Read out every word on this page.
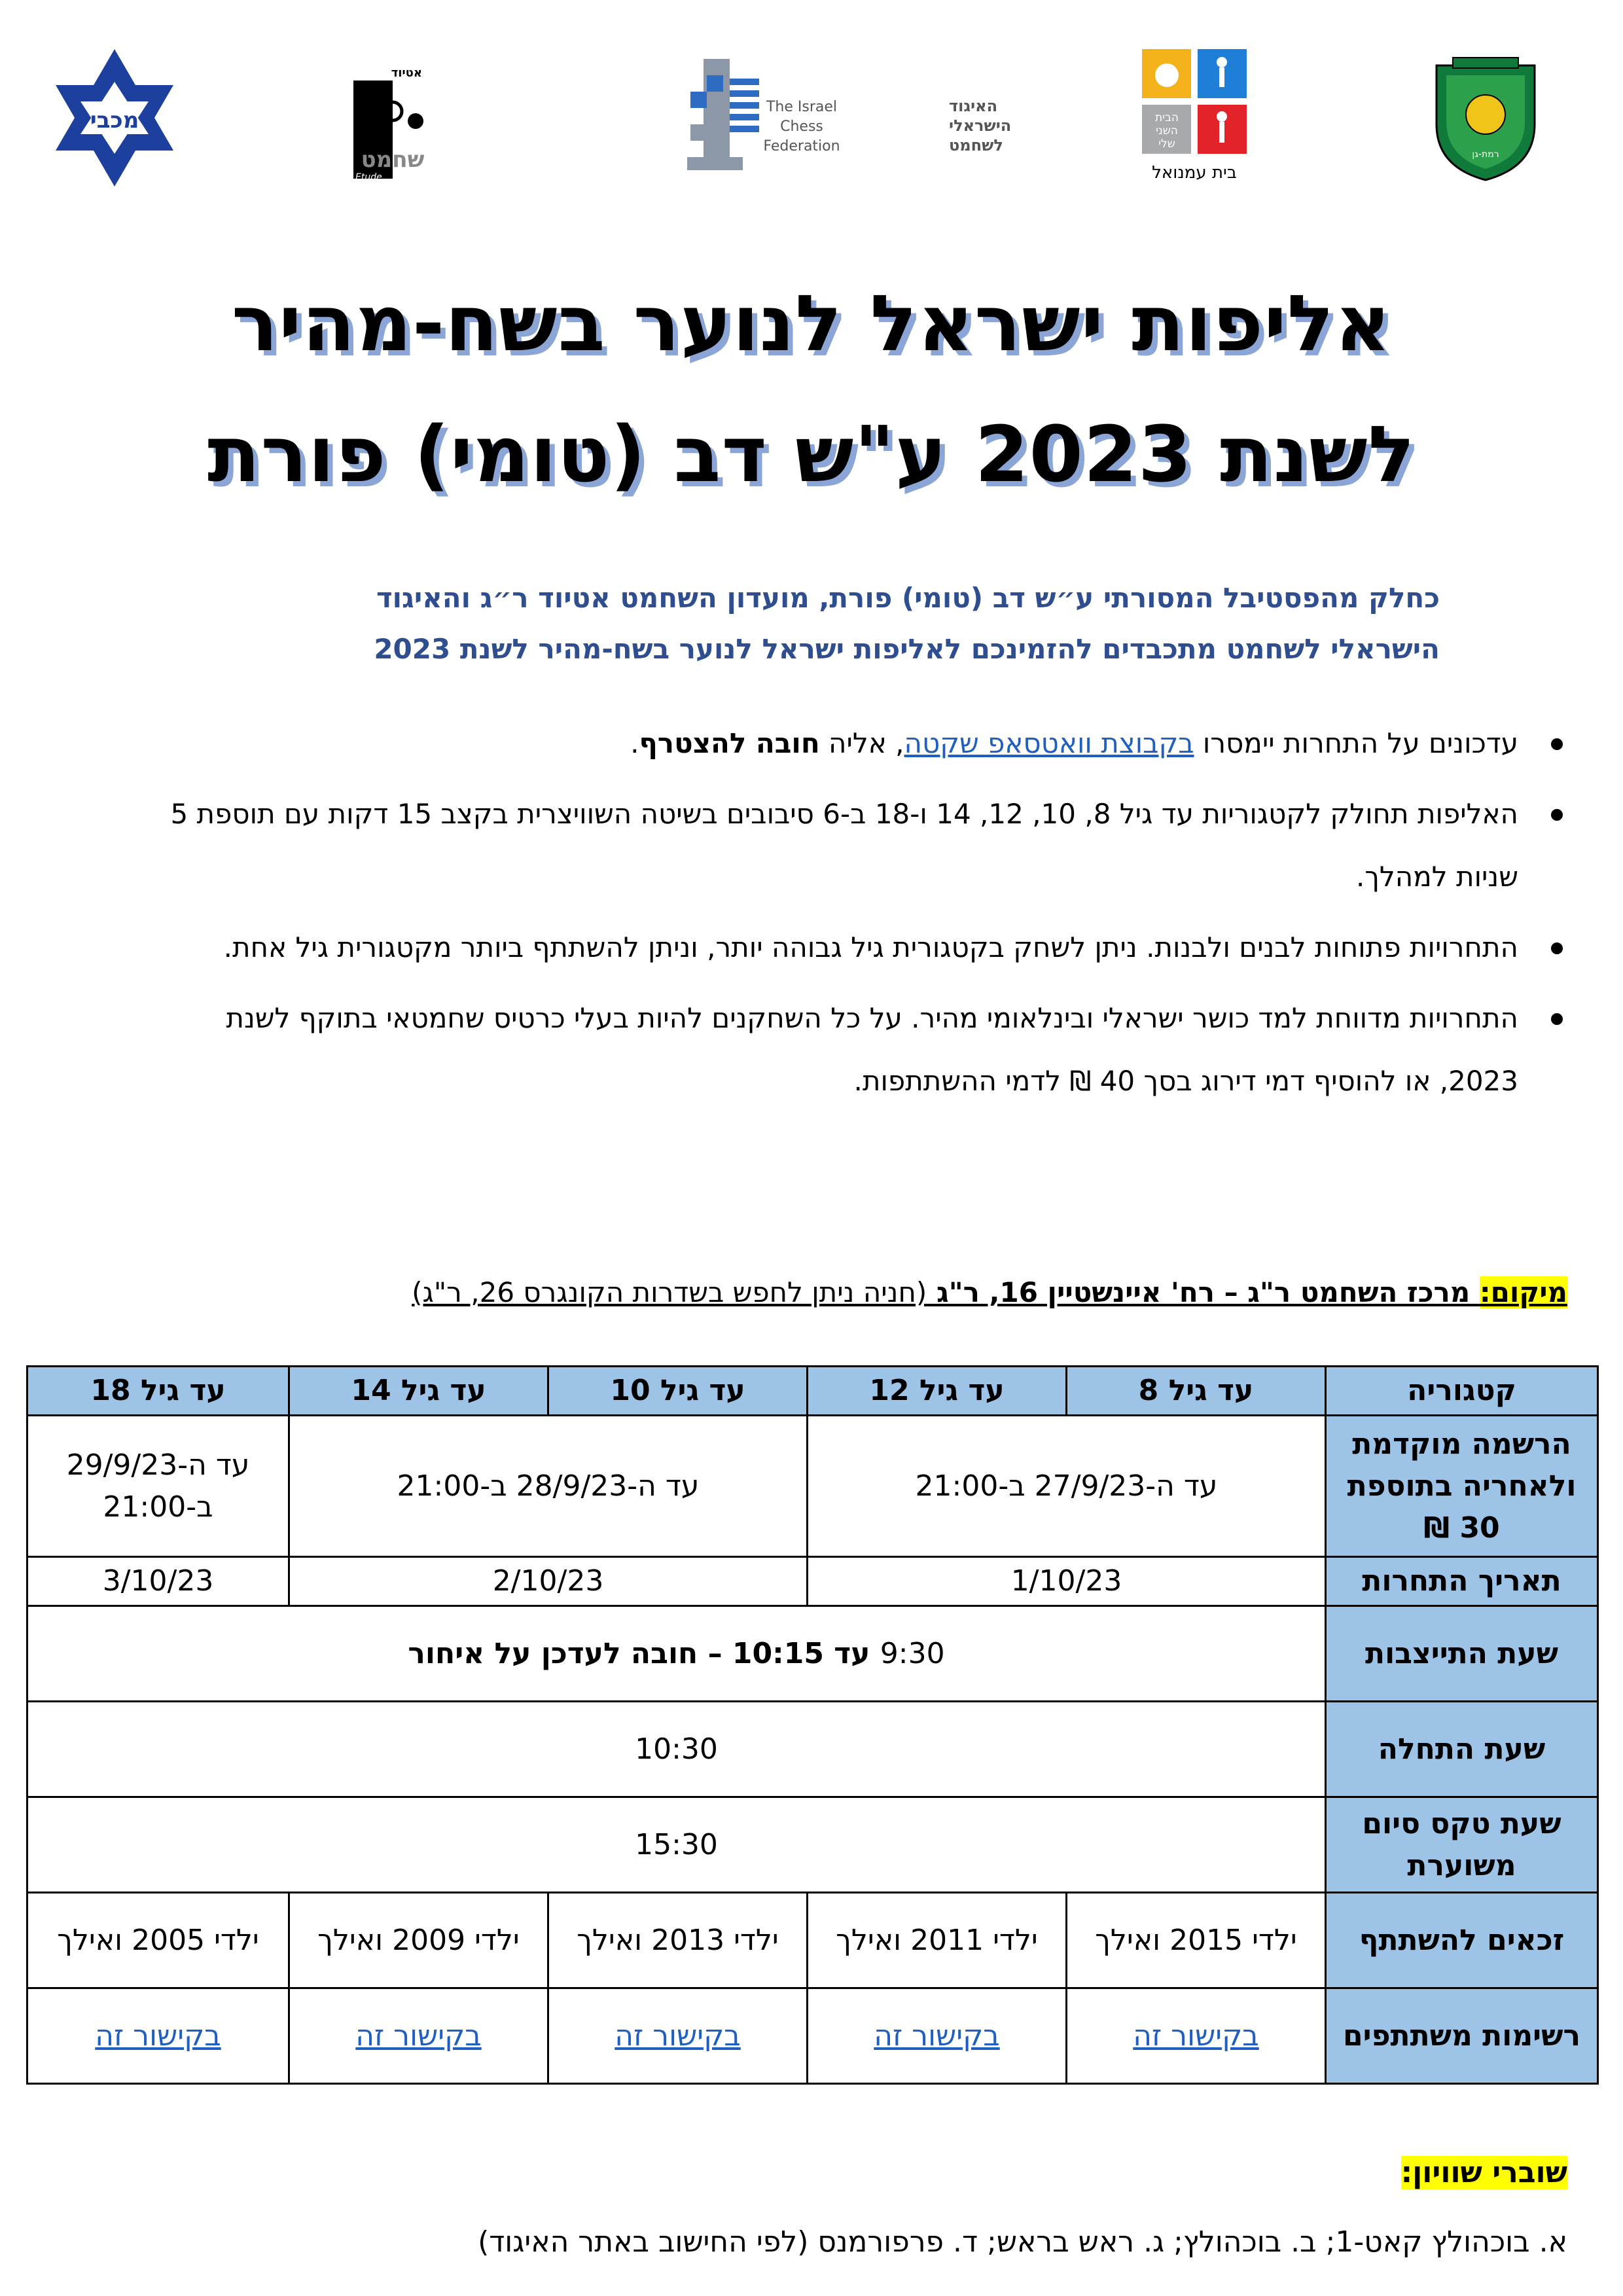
מכבי
אטיוד
שחמט
Etude
The Israel
Chess
Federation
האיגוד
הישראלי
לשחמט
הבית
השני
שלי
בית עמנואל
רמת-גן
אליפות ישראל לנוער בשח-מהיר
לשנת 2023 ע"ש דב (טומי) פורת
כחלק מהפסטיבל המסורתי ע״ש דב (טומי) פורת, מועדון השחמט אטיוד ר״ג והאיגוד
הישראלי לשחמט מתכבדים להזמינכם לאליפות ישראל לנוער בשח-מהיר לשנת 2023
עדכונים על התחרות יימסרו בקבוצת וואטסאפ שקטה, אליה חובה להצטרף.
האליפות תחולק לקטגוריות עד גיל 8, 10, 12, 14 ו-18 ב-6 סיבובים בשיטה השוויצרית בקצב 15 דקות עם תוספת 5 שניות למהלך.
התחרויות פתוחות לבנים ולבנות. ניתן לשחק בקטגורית גיל גבוהה יותר, וניתן להשתתף ביותר מקטגורית גיל אחת.
התחרויות מדווחת למד כושר ישראלי ובינלאומי מהיר. על כל השחקנים להיות בעלי כרטיס שחמטאי בתוקף לשנת 2023, או להוסיף דמי דירוג בסך 40 ₪ לדמי ההשתתפות.
מיקום: מרכז השחמט ר"ג – רח' איינשטיין 16, ר"ג (חניה ניתן לחפש בשדרות הקונגרס 26, ר"ג)
קטגוריה	עד גיל 8	עד גיל 12	עד גיל 10	עד גיל 14	עד גיל 18
הרשמה מוקדמת ולאחריה בתוספת 30 ₪	עד ה-27/9/23 ב-21:00		עד ה-28/9/23 ב-21:00		עד ה-29/9/23 ב-21:00
תאריך התחרות	1/10/23		2/10/23		3/10/23
שעת התייצבות	9:30 עד 10:15 – חובה לעדכן על איחור				
שעת התחלה	10:30				
שעת טקס סיום משוערת	15:30				
זכאים להשתתף	ילדי 2015 ואילך	ילדי 2011 ואילך	ילדי 2013 ואילך	ילדי 2009 ואילך	ילדי 2005 ואילך
רשימות משתתפים	בקישור זה	בקישור זה	בקישור זה	בקישור זה	בקישור זה
שוברי שוויון:
א. בוכהולץ קאט-1; ב. בוכהולץ; ג. ראש בראש; ד. פרפורמנס (לפי החישוב באתר האיגוד)
